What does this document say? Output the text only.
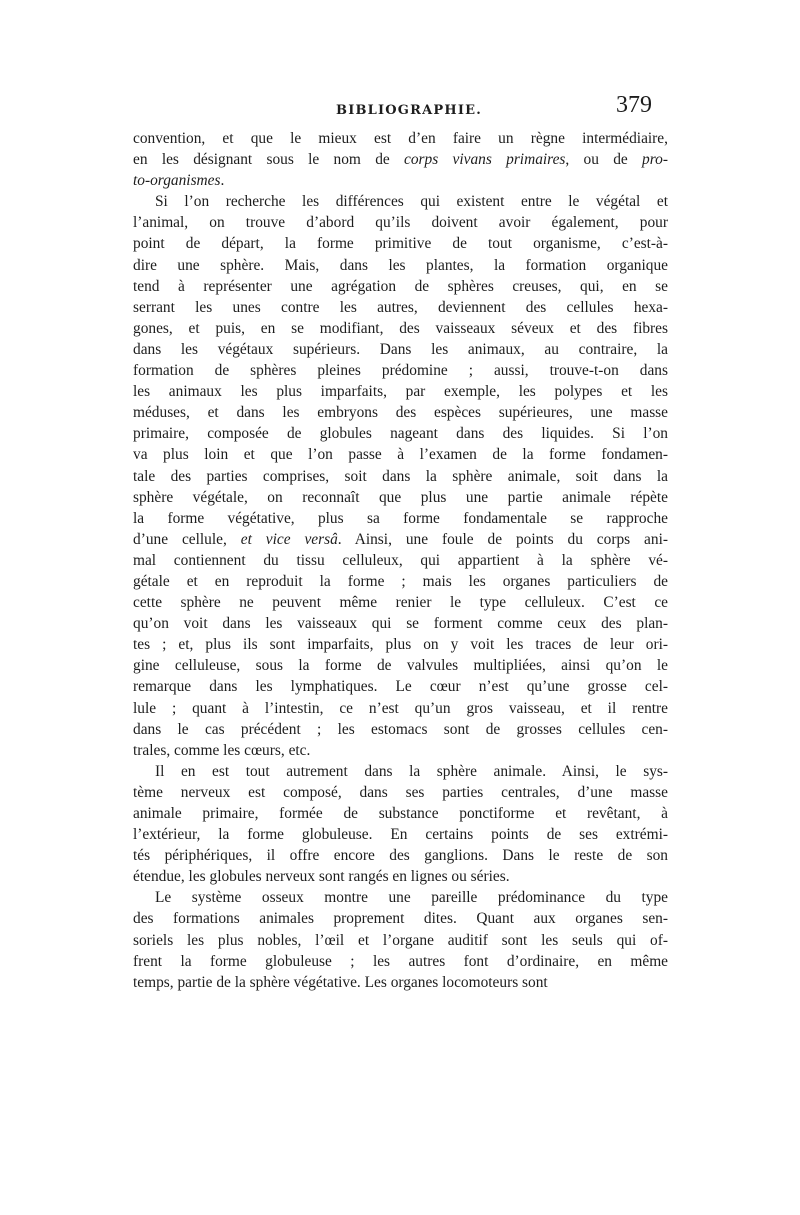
BIBLIOGRAPHIE.	379
convention, et que le mieux est d’en faire un règne intermédiaire,
en les désignant sous le nom de corps vivans primaires, ou de pro-
to-organismes.
Si l’on recherche les différences qui existent entre le végétal et
l’animal, on trouve d’abord qu’ils doivent avoir également, pour
point de départ, la forme primitive de tout organisme, c’est-à-
dire une sphère. Mais, dans les plantes, la formation organique
tend à représenter une agrégation de sphères creuses, qui, en se
serrant les unes contre les autres, deviennent des cellules hexa-
gones, et puis, en se modifiant, des vaisseaux séveux et des fibres
dans les végétaux supérieurs. Dans les animaux, au contraire, la
formation de sphères pleines prédomine ; aussi, trouve-t-on dans
les animaux les plus imparfaits, par exemple, les polypes et les
méduses, et dans les embryons des espèces supérieures, une masse
primaire, composée de globules nageant dans des liquides. Si l’on
va plus loin et que l’on passe à l’examen de la forme fondamen-
tale des parties comprises, soit dans la sphère animale, soit dans la
sphère végétale, on reconnaît que plus une partie animale répète
la forme végétative, plus sa forme fondamentale se rapproche
d’une cellule, et vice versâ. Ainsi, une foule de points du corps ani-
mal contiennent du tissu celluleux, qui appartient à la sphère vé-
gétale et en reproduit la forme ; mais les organes particuliers de
cette sphère ne peuvent même renier le type celluleux. C’est ce
qu’on voit dans les vaisseaux qui se forment comme ceux des plan-
tes ; et, plus ils sont imparfaits, plus on y voit les traces de leur ori-
gine celluleuse, sous la forme de valvules multipliées, ainsi qu’on le
remarque dans les lymphatiques. Le cœur n’est qu’une grosse cel-
lule ; quant à l’intestin, ce n’est qu’un gros vaisseau, et il rentre
dans le cas précédent ; les estomacs sont de grosses cellules cen-
trales, comme les cœurs, etc.
Il en est tout autrement dans la sphère animale. Ainsi, le sys-
tème nerveux est composé, dans ses parties centrales, d’une masse
animale primaire, formée de substance ponctiforme et revêtant, à
l’extérieur, la forme globuleuse. En certains points de ses extrémi-
tés périphériques, il offre encore des ganglions. Dans le reste de son
étendue, les globules nerveux sont rangés en lignes ou séries.
Le système osseux montre une pareille prédominance du type
des formations animales proprement dites. Quant aux organes sen-
soriels les plus nobles, l’œil et l’organe auditif sont les seuls qui of-
frent la forme globuleuse ; les autres font d’ordinaire, en même
temps, partie de la sphère végétative. Les organes locomoteurs sont
